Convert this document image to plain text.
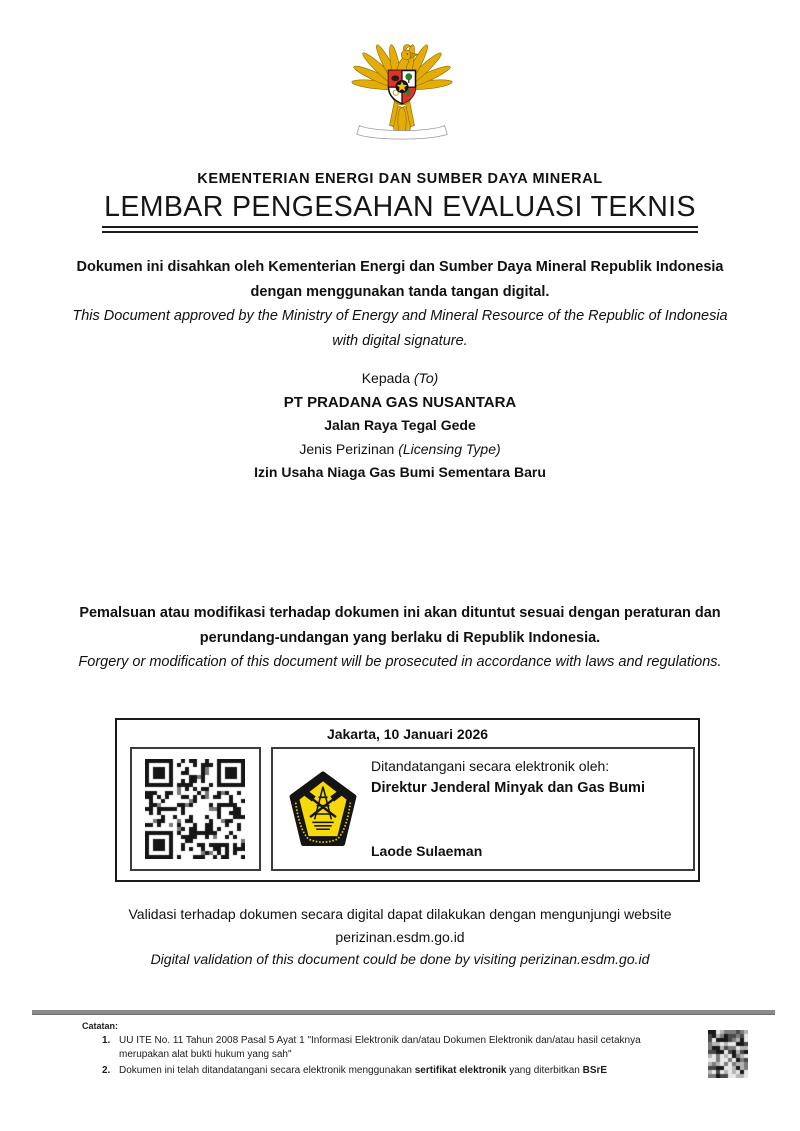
KEMENTERIAN ENERGI DAN SUMBER DAYA MINERAL
LEMBAR PENGESAHAN EVALUASI TEKNIS
Dokumen ini disahkan oleh Kementerian Energi dan Sumber Daya Mineral Republik Indonesia dengan menggunakan tanda tangan digital.
This Document approved by the Ministry of Energy and Mineral Resource of the Republic of Indonesia with digital signature.
Kepada (To)
PT PRADANA GAS NUSANTARA
Jalan Raya Tegal Gede
Jenis Perizinan (Licensing Type)
Izin Usaha Niaga Gas Bumi Sementara Baru
Pemalsuan atau modifikasi terhadap dokumen ini akan dituntut sesuai dengan peraturan dan perundang-undangan yang berlaku di Republik Indonesia.
Forgery or modification of this document will be prosecuted in accordance with laws and regulations.
Jakarta, 10 Januari 2026
Ditandatangani secara elektronik oleh:
Direktur Jenderal Minyak dan Gas Bumi
Laode Sulaeman
Validasi terhadap dokumen secara digital dapat dilakukan dengan mengunjungi website perizinan.esdm.go.id
Digital validation of this document could be done by visiting perizinan.esdm.go.id
Catatan:
1. UU ITE No. 11 Tahun 2008 Pasal 5 Ayat 1 "Informasi Elektronik dan/atau Dokumen Elektronik dan/atau hasil cetaknya merupakan alat bukti hukum yang sah"
2. Dokumen ini telah ditandatangani secara elektronik menggunakan sertifikat elektronik yang diterbitkan BSrE
